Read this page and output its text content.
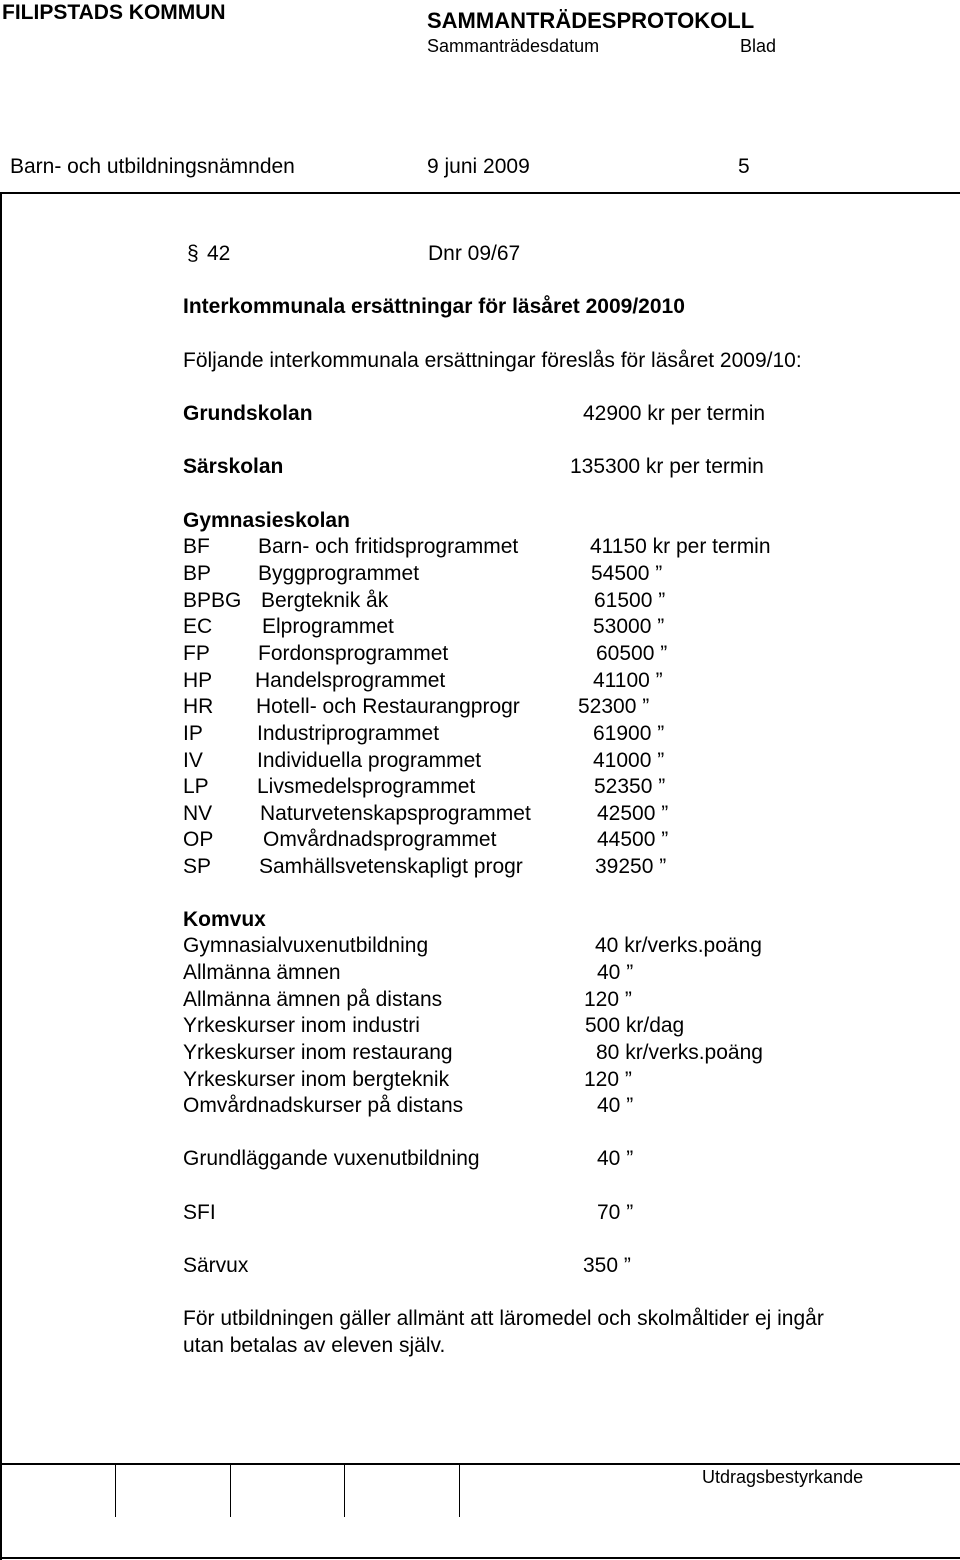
FILIPSTADS KOMMUN	SAMMANTRÄDESPROTOKOLL
Sammanträdesdatum	Blad
Barn- och utbildningsnämnden	9 juni 2009	5
Utdragsbestyrkande
§ 42	Dnr 09/67
Interkommunala ersättningar för läsåret 2009/2010
Följande interkommunala ersättningar föreslås för läsåret 2009/10:
Grundskolan	42900 kr per termin
Särskolan	135300 kr per termin
Gymnasieskolan
BF Barn- och fritidsprogrammet	41150 kr per termin
BP Byggprogrammet	54500 ”
BPBG Bergteknik åk	61500 ”
EC Elprogrammet	53000 ”
FP Fordonsprogrammet	60500 ”
HP Handelsprogrammet	41100 ”
HR Hotell- och Restaurangprogr	52300 ”
IP	Industriprogrammet	61900 ”
IV	Individuella programmet	41000 ”
LP Livsmedelsprogrammet	52350 ”
NV Naturvetenskapsprogrammet	42500 ”
OP Omvårdnadsprogrammet	44500 ”
SP Samhällsvetenskapligt progr	39250 ”
Komvux
Gymnasialvuxenutbildning	40 kr/verks.poäng
Allmänna ämnen	40 ”
Allmänna ämnen på distans	120 ”
Yrkeskurser inom industri	500 kr/dag
Yrkeskurser inom restaurang	80 kr/verks.poäng
Yrkeskurser inom bergteknik	120 ”
Omvårdnadskurser på distans	40 ”
Grundläggande vuxenutbildning	40 ”
SFI	70 ”
Särvux	350 ”
För utbildningen gäller allmänt att läromedel och skolmåltider ej ingår
utan betalas av eleven själv.
